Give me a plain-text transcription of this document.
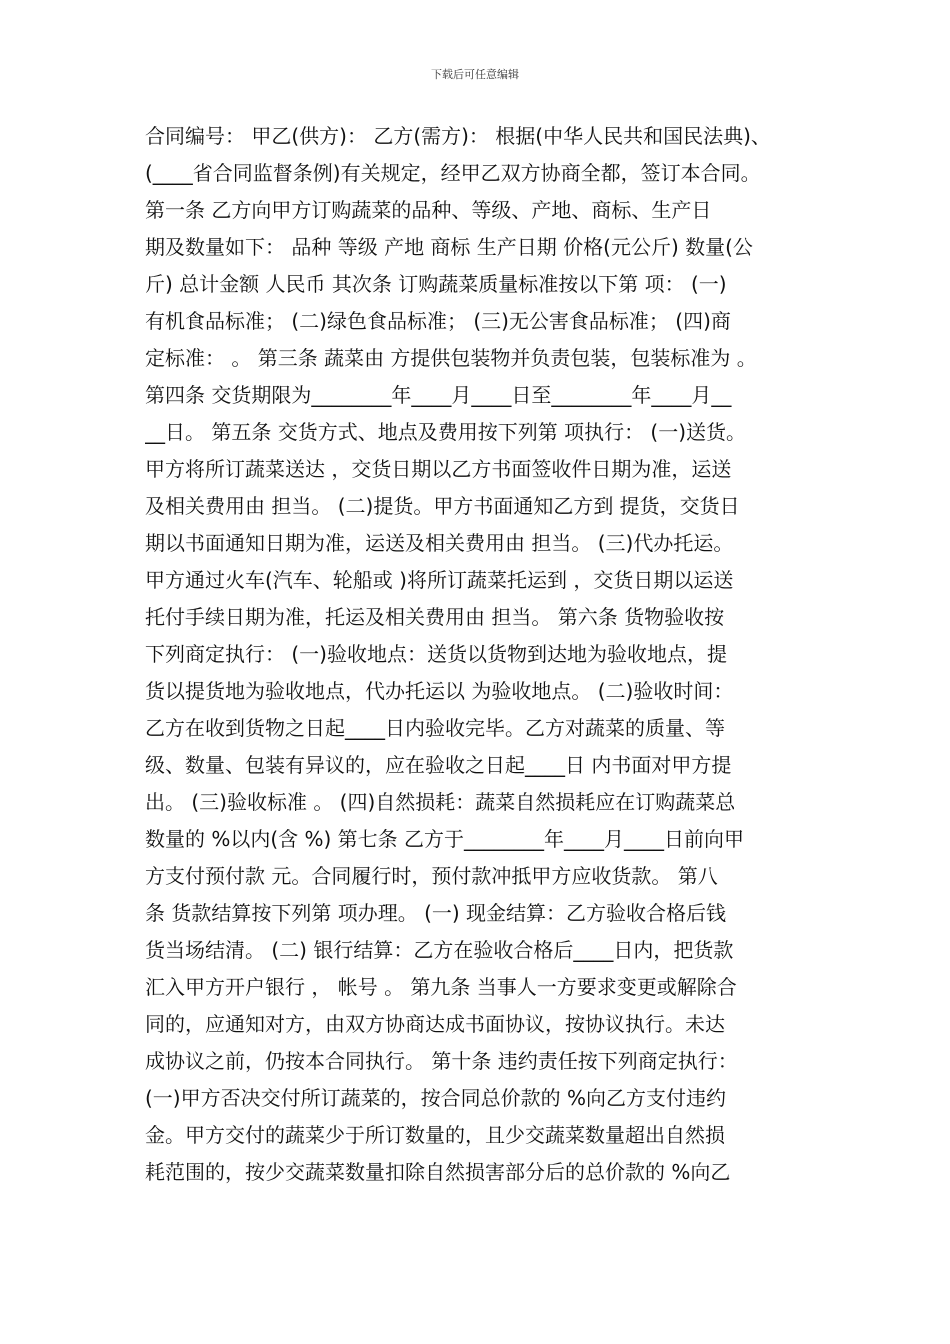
下载后可任意编辑
合同编号： 甲乙(供方)： 乙方(需方)： 根据(中华人民共和国民法典)、
(____省合同监督条例)有关规定，经甲乙双方协商全都，签订本合同。
第一条 乙方向甲方订购蔬菜的品种、等级、产地、商标、生产日
期及数量如下： 品种 等级 产地 商标 生产日期 价格(元公斤) 数量(公
斤) 总计金额 人民币 其次条 订购蔬菜质量标准按以下第 项： (一)
有机食品标准； (二)绿色食品标准； (三)无公害食品标准； (四)商
定标准： 。 第三条 蔬菜由 方提供包装物并负责包装，包装标准为 。
第四条 交货期限为________年____月____日至________年____月__
__日。 第五条 交货方式、地点及费用按下列第 项执行： (一)送货。
甲方将所订蔬菜送达 ，交货日期以乙方书面签收件日期为准，运送
及相关费用由 担当。 (二)提货。甲方书面通知乙方到 提货，交货日
期以书面通知日期为准，运送及相关费用由 担当。 (三)代办托运。
甲方通过火车(汽车、轮船或 )将所订蔬菜托运到 ，交货日期以运送
托付手续日期为准，托运及相关费用由 担当。 第六条 货物验收按
下列商定执行： (一)验收地点：送货以货物到达地为验收地点，提
货以提货地为验收地点，代办托运以 为验收地点。 (二)验收时间：
乙方在收到货物之日起____日内验收完毕。乙方对蔬菜的质量、等
级、数量、包装有异议的，应在验收之日起____日 内书面对甲方提
出。 (三)验收标准 。 (四)自然损耗：蔬菜自然损耗应在订购蔬菜总
数量的 %以内(含 %) 第七条 乙方于________年____月____日前向甲
方支付预付款 元。合同履行时，预付款冲抵甲方应收货款。 第八
条 货款结算按下列第 项办理。 (一) 现金结算：乙方验收合格后钱
货当场结清。 (二) 银行结算：乙方在验收合格后____日内，把货款
汇入甲方开户银行 ， 帐号 。 第九条 当事人一方要求变更或解除合
同的，应通知对方，由双方协商达成书面协议，按协议执行。未达
成协议之前，仍按本合同执行。 第十条 违约责任按下列商定执行：
(一)甲方否决交付所订蔬菜的，按合同总价款的 %向乙方支付违约
金。甲方交付的蔬菜少于所订数量的，且少交蔬菜数量超出自然损
耗范围的，按少交蔬菜数量扣除自然损害部分后的总价款的 %向乙
